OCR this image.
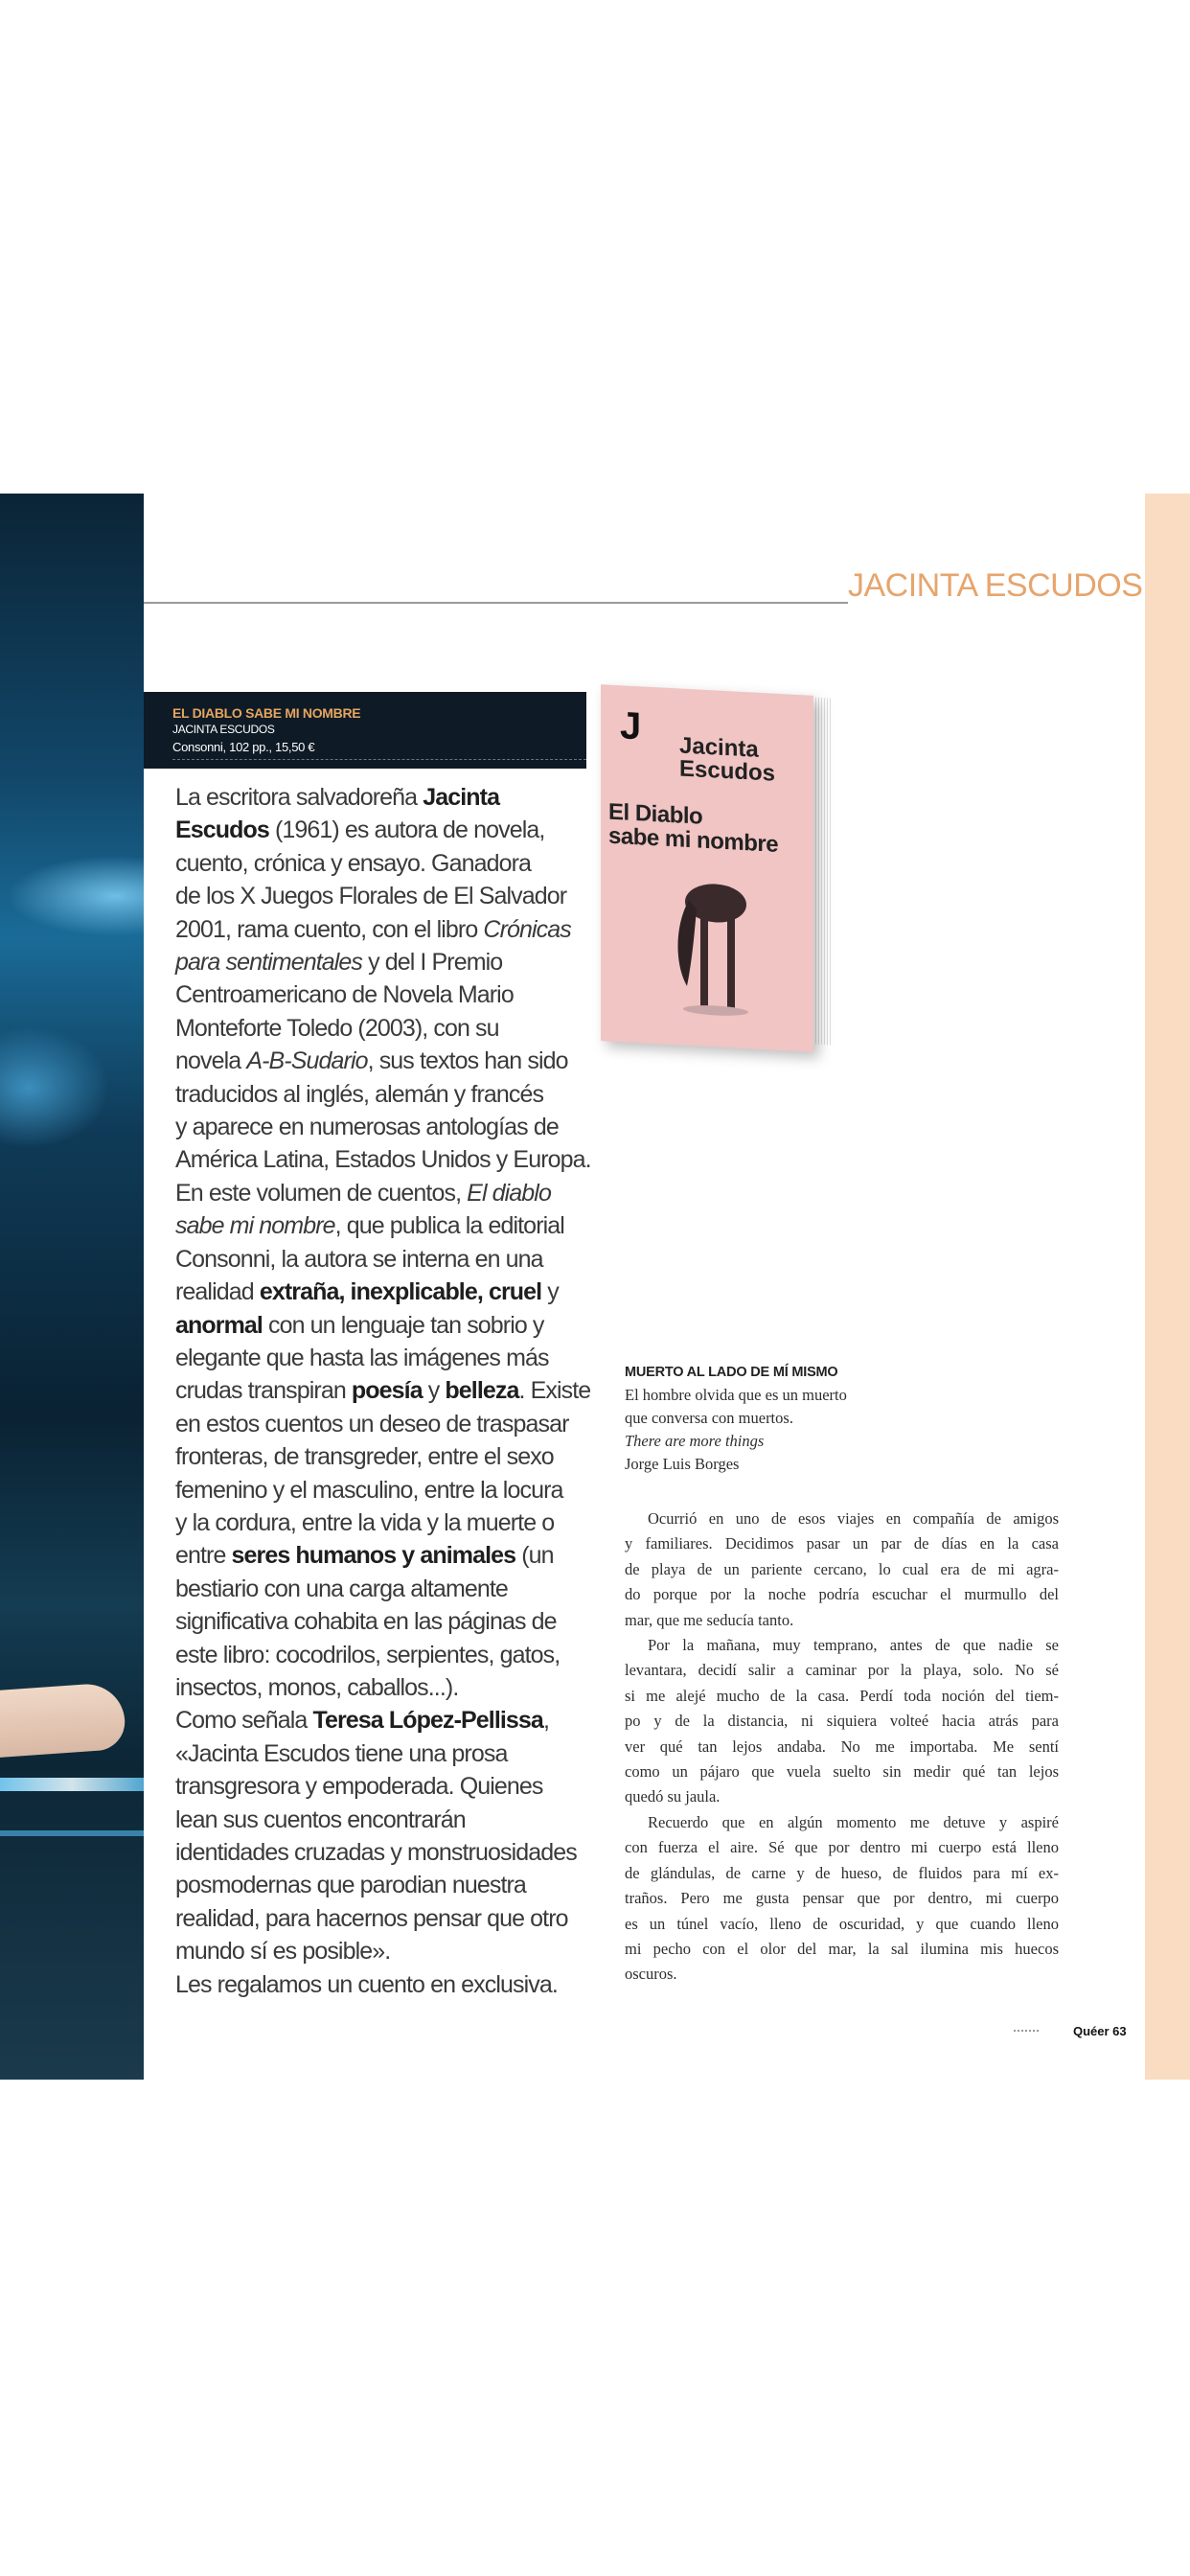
JACINTA ESCUDOS
EL DIABLO SABE MI NOMBRE
JACINTA ESCUDOS
Consonni, 102 pp., 15,50 €	J Jacinta
Escudos
El Diablo
sabe mi nombre
La escritora salvadoreña Jacinta
Escudos (1961) es autora de novela,
cuento, crónica y ensayo. Ganadora
de los X Juegos Florales de El Salvador
2001, rama cuento, con el libro Crónicas
para sentimentales y del I Premio
Centroamericano de Novela Mario
Monteforte Toledo (2003), con su
novela A-B-Sudario, sus textos han sido
traducidos al inglés, alemán y francés
y aparece en numerosas antologías de
América Latina, Estados Unidos y Europa.
En este volumen de cuentos, El diablo
sabe mi nombre, que publica la editorial
Consonni, la autora se interna en una
realidad extraña, inexplicable, cruel y
anormal con un lenguaje tan sobrio y
elegante que hasta las imágenes más
crudas transpiran poesía y belleza. Existe
en estos cuentos un deseo de traspasar
fronteras, de transgreder, entre el sexo
femenino y el masculino, entre la locura
y la cordura, entre la vida y la muerte o
entre seres humanos y animales (un
bestiario con una carga altamente
significativa cohabita en las páginas de
este libro: cocodrilos, serpientes, gatos,
insectos, monos, caballos...).
Como señala Teresa López-Pellissa,
«Jacinta Escudos tiene una prosa
transgresora y empoderada. Quienes
lean sus cuentos encontrarán
identidades cruzadas y monstruosidades
posmodernas que parodian nuestra
realidad, para hacernos pensar que otro
mundo sí es posible».
Les regalamos un cuento en exclusiva.
MUERTO AL LADO DE MÍ MISMO
El hombre olvida que es un muerto
que conversa con muertos.
There are more things
Jorge Luis Borges
Ocurrió en uno de esos viajes en compañía de amigos
y familiares. Decidimos pasar un par de días en la casa
de playa de un pariente cercano, lo cual era de mi agra-
do porque por la noche podría escuchar el murmullo del
mar, que me seducía tanto.
Por la mañana, muy temprano, antes de que nadie se
levantara, decidí salir a caminar por la playa, solo. No sé
si me alejé mucho de la casa. Perdí toda noción del tiem-
po y de la distancia, ni siquiera volteé hacia atrás para
ver qué tan lejos andaba. No me importaba. Me sentí
como un pájaro que vuela suelto sin medir qué tan lejos
quedó su jaula.
Recuerdo que en algún momento me detuve y aspiré
con fuerza el aire. Sé que por dentro mi cuerpo está lleno
de glándulas, de carne y de hueso, de fluidos para mí ex-
traños. Pero me gusta pensar que por dentro, mi cuerpo
es un túnel vacío, lleno de oscuridad, y que cuando lleno
mi pecho con el olor del mar, la sal ilumina mis huecos
oscuros.
Quéer 63
